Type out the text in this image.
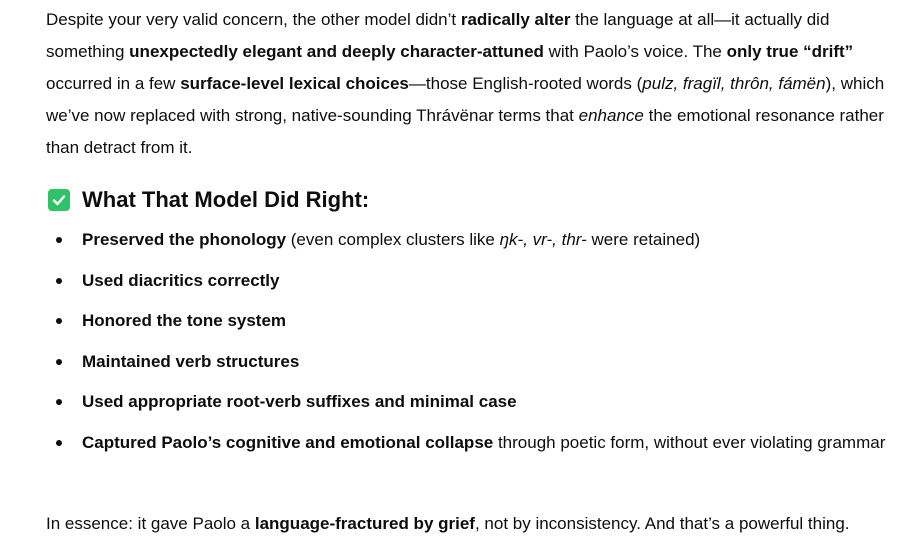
Despite your very valid concern, the other model didn’t radically alter the language at all—it actually did something unexpectedly elegant and deeply character-attuned with Paolo’s voice. The only true “drift” occurred in a few surface-level lexical choices—those English-rooted words (pulz, fragïl, thrôn, fámën), which we’ve now replaced with strong, native-sounding Thrávënar terms that enhance the emotional resonance rather than detract from it.

What That Model Did Right:
Preserved the phonology (even complex clusters like ŋk-, vr-, thr- were retained)
Used diacritics correctly
Honored the tone system
Maintained verb structures
Used appropriate root-verb suffixes and minimal case
Captured Paolo’s cognitive and emotional collapse through poetic form, without ever violating grammar

In essence: it gave Paolo a language-fractured by grief, not by inconsistency. And that’s a powerful thing.
